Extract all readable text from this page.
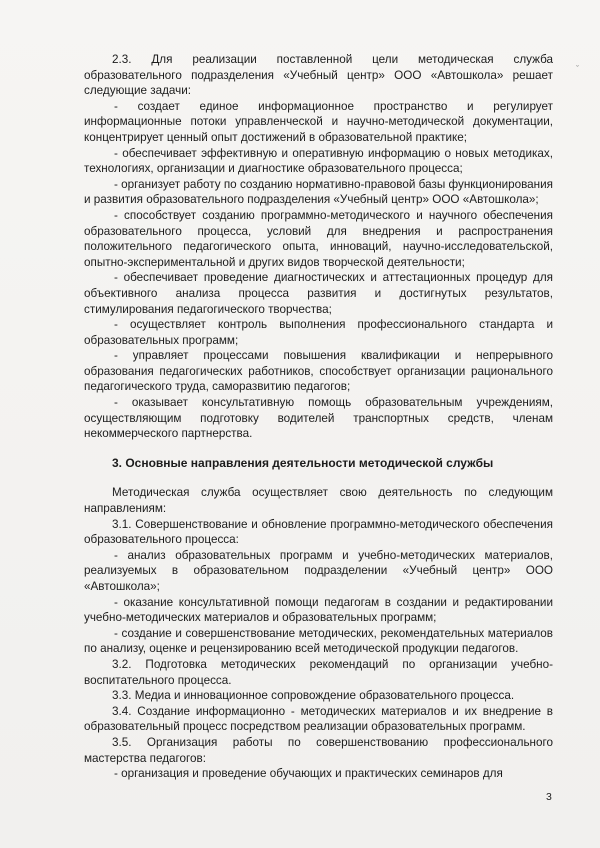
ˇ

2.3. Для реализации поставленной цели методическая служба образовательного подразделения «Учебный центр» ООО «Автошкола» решает следующие задачи:

- создает единое информационное пространство и регулирует информационные потоки управленческой и научно-методической документации, концентрирует ценный опыт достижений в образовательной практике;

- обеспечивает эффективную и оперативную информацию о новых методиках, технологиях, организации и диагностике образовательного процесса;

- организует работу по созданию нормативно-правовой базы функционирования и развития образовательного подразделения «Учебный центр» ООО «Автошкола»;

- способствует созданию программно-методического и научного обеспечения образовательного процесса, условий для внедрения и распространения положительного педагогического опыта, инноваций, научно-исследовательской, опытно-экспериментальной и других видов творческой деятельности;

- обеспечивает проведение диагностических и аттестационных процедур для объективного анализа процесса развития и достигнутых результатов, стимулирования педагогического творчества;

- осуществляет контроль выполнения профессионального стандарта и образовательных программ;

- управляет процессами повышения квалификации и непрерывного образования педагогических работников, способствует организации рационального педагогического труда, саморазвитию педагогов;

- оказывает консультативную помощь образовательным учреждениям, осуществляющим подготовку водителей транспортных средств, членам некоммерческого партнерства.

3. Основные направления деятельности методической службы

Методическая служба осуществляет свою деятельность по следующим направлениям:

3.1. Совершенствование и обновление программно-методического обеспечения образовательного процесса:

- анализ образовательных программ и учебно-методических материалов, реализуемых в образовательном подразделении «Учебный центр» ООО «Автошкола»;

- оказание консультативной помощи педагогам в создании и редактировании учебно-методических материалов и образовательных программ;

- создание и совершенствование методических, рекомендательных материалов по анализу, оценке и рецензированию всей методической продукции педагогов.

3.2. Подготовка методических рекомендаций по организации учебно-воспитательного процесса.

3.3. Медиа и инновационное сопровождение образовательного процесса.

3.4. Создание информационно - методических материалов и их внедрение в образовательный процесс посредством реализации образовательных программ.

3.5. Организация работы по совершенствованию профессионального мастерства педагогов:

- организация и проведение обучающих и практических семинаров для

3
